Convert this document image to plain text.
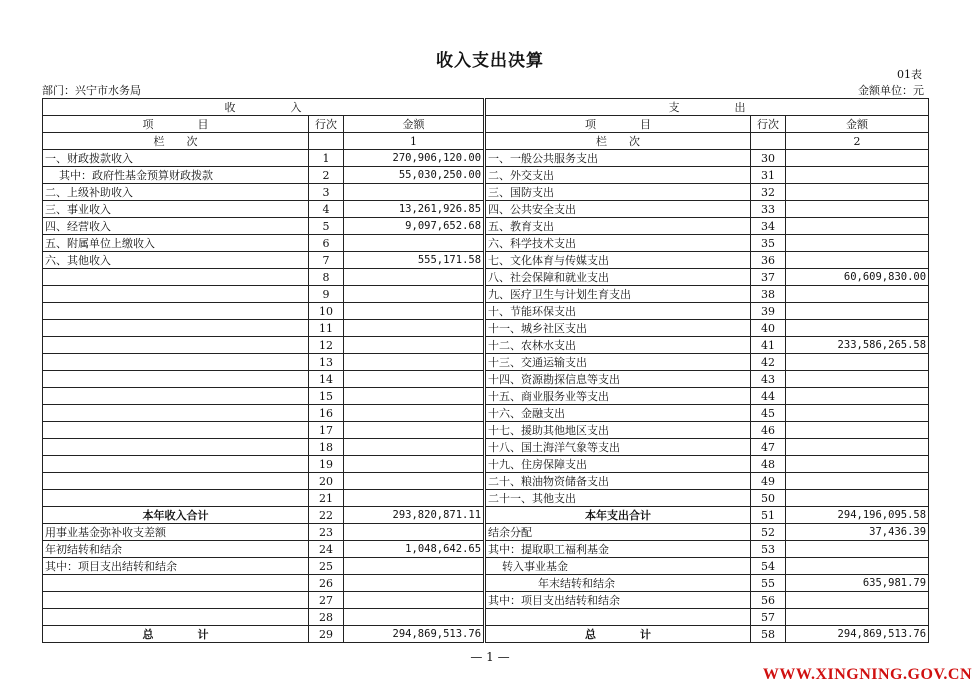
收入支出决算
01表
部门：兴宁市水务局	金额单位：元
收　　　　　入			支　　　　　出		
项　　　　目	行次	金额	项　　　　目	行次	金额
栏　　次		1	栏　　次		2
一、财政拨款收入	1	270,906,120.00	一、一般公共服务支出	30	
其中：政府性基金预算财政拨款	2	55,030,250.00	二、外交支出	31	
二、上级补助收入	3		三、国防支出	32	
三、事业收入	4	13,261,926.85	四、公共安全支出	33	
四、经营收入	5	9,097,652.68	五、教育支出	34	
五、附属单位上缴收入	6		六、科学技术支出	35	
六、其他收入	7	555,171.58	七、文化体育与传媒支出	36	
	8		八、社会保障和就业支出	37	60,609,830.00
	9		九、医疗卫生与计划生育支出	38	
	10		十、节能环保支出	39	
	11		十一、城乡社区支出	40	
	12		十二、农林水支出	41	233,586,265.58
	13		十三、交通运输支出	42	
	14		十四、资源勘探信息等支出	43	
	15		十五、商业服务业等支出	44	
	16		十六、金融支出	45	
	17		十七、援助其他地区支出	46	
	18		十八、国土海洋气象等支出	47	
	19		十九、住房保障支出	48	
	20		二十、粮油物资储备支出	49	
	21		二十一、其他支出	50	
本年收入合计	22	293,820,871.11	本年支出合计	51	294,196,095.58
用事业基金弥补收支差额	23		结余分配	52	37,436.39
年初结转和结余	24	1,048,642.65	其中：提取职工福利基金	53	
其中：项目支出结转和结余	25		转入事业基金	54	
	26		年末结转和结余	55	635,981.79
	27		其中：项目支出结转和结余	56	
	28			57	
总　　　　计	29	294,869,513.76	总　　　　计	58	294,869,513.76
— 1 —
WWW.XINGNING.GOV.CN
